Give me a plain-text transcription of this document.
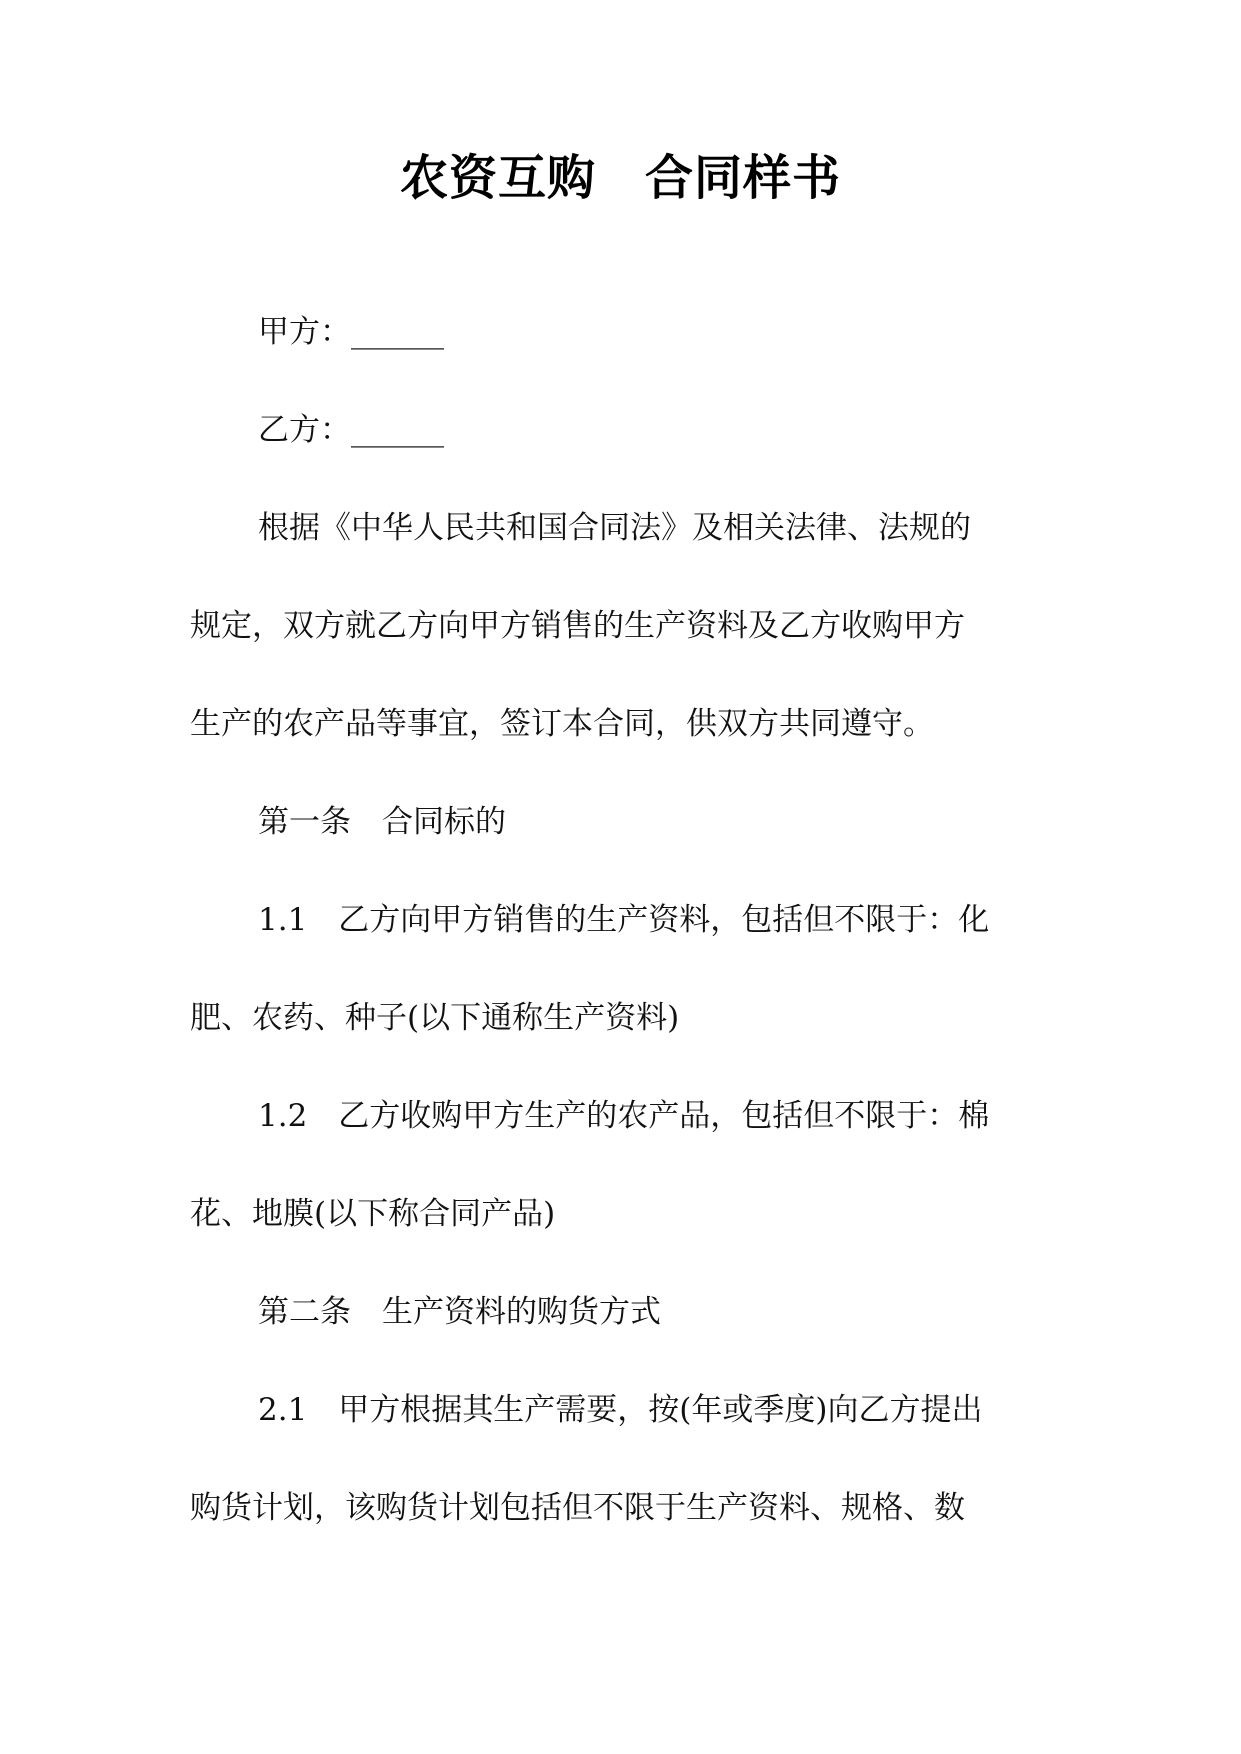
农资互购　合同样书
甲方：______
乙方：______
根据《中华人民共和国合同法》及相关法律、法规的
规定，双方就乙方向甲方销售的生产资料及乙方收购甲方
生产的农产品等事宜，签订本合同，供双方共同遵守。
第一条　合同标的
1.1　乙方向甲方销售的生产资料，包括但不限于：化
肥、农药、种子(以下通称生产资料)
1.2　乙方收购甲方生产的农产品，包括但不限于：棉
花、地膜(以下称合同产品)
第二条　生产资料的购货方式
2.1　甲方根据其生产需要，按(年或季度)向乙方提出
购货计划，该购货计划包括但不限于生产资料、规格、数
